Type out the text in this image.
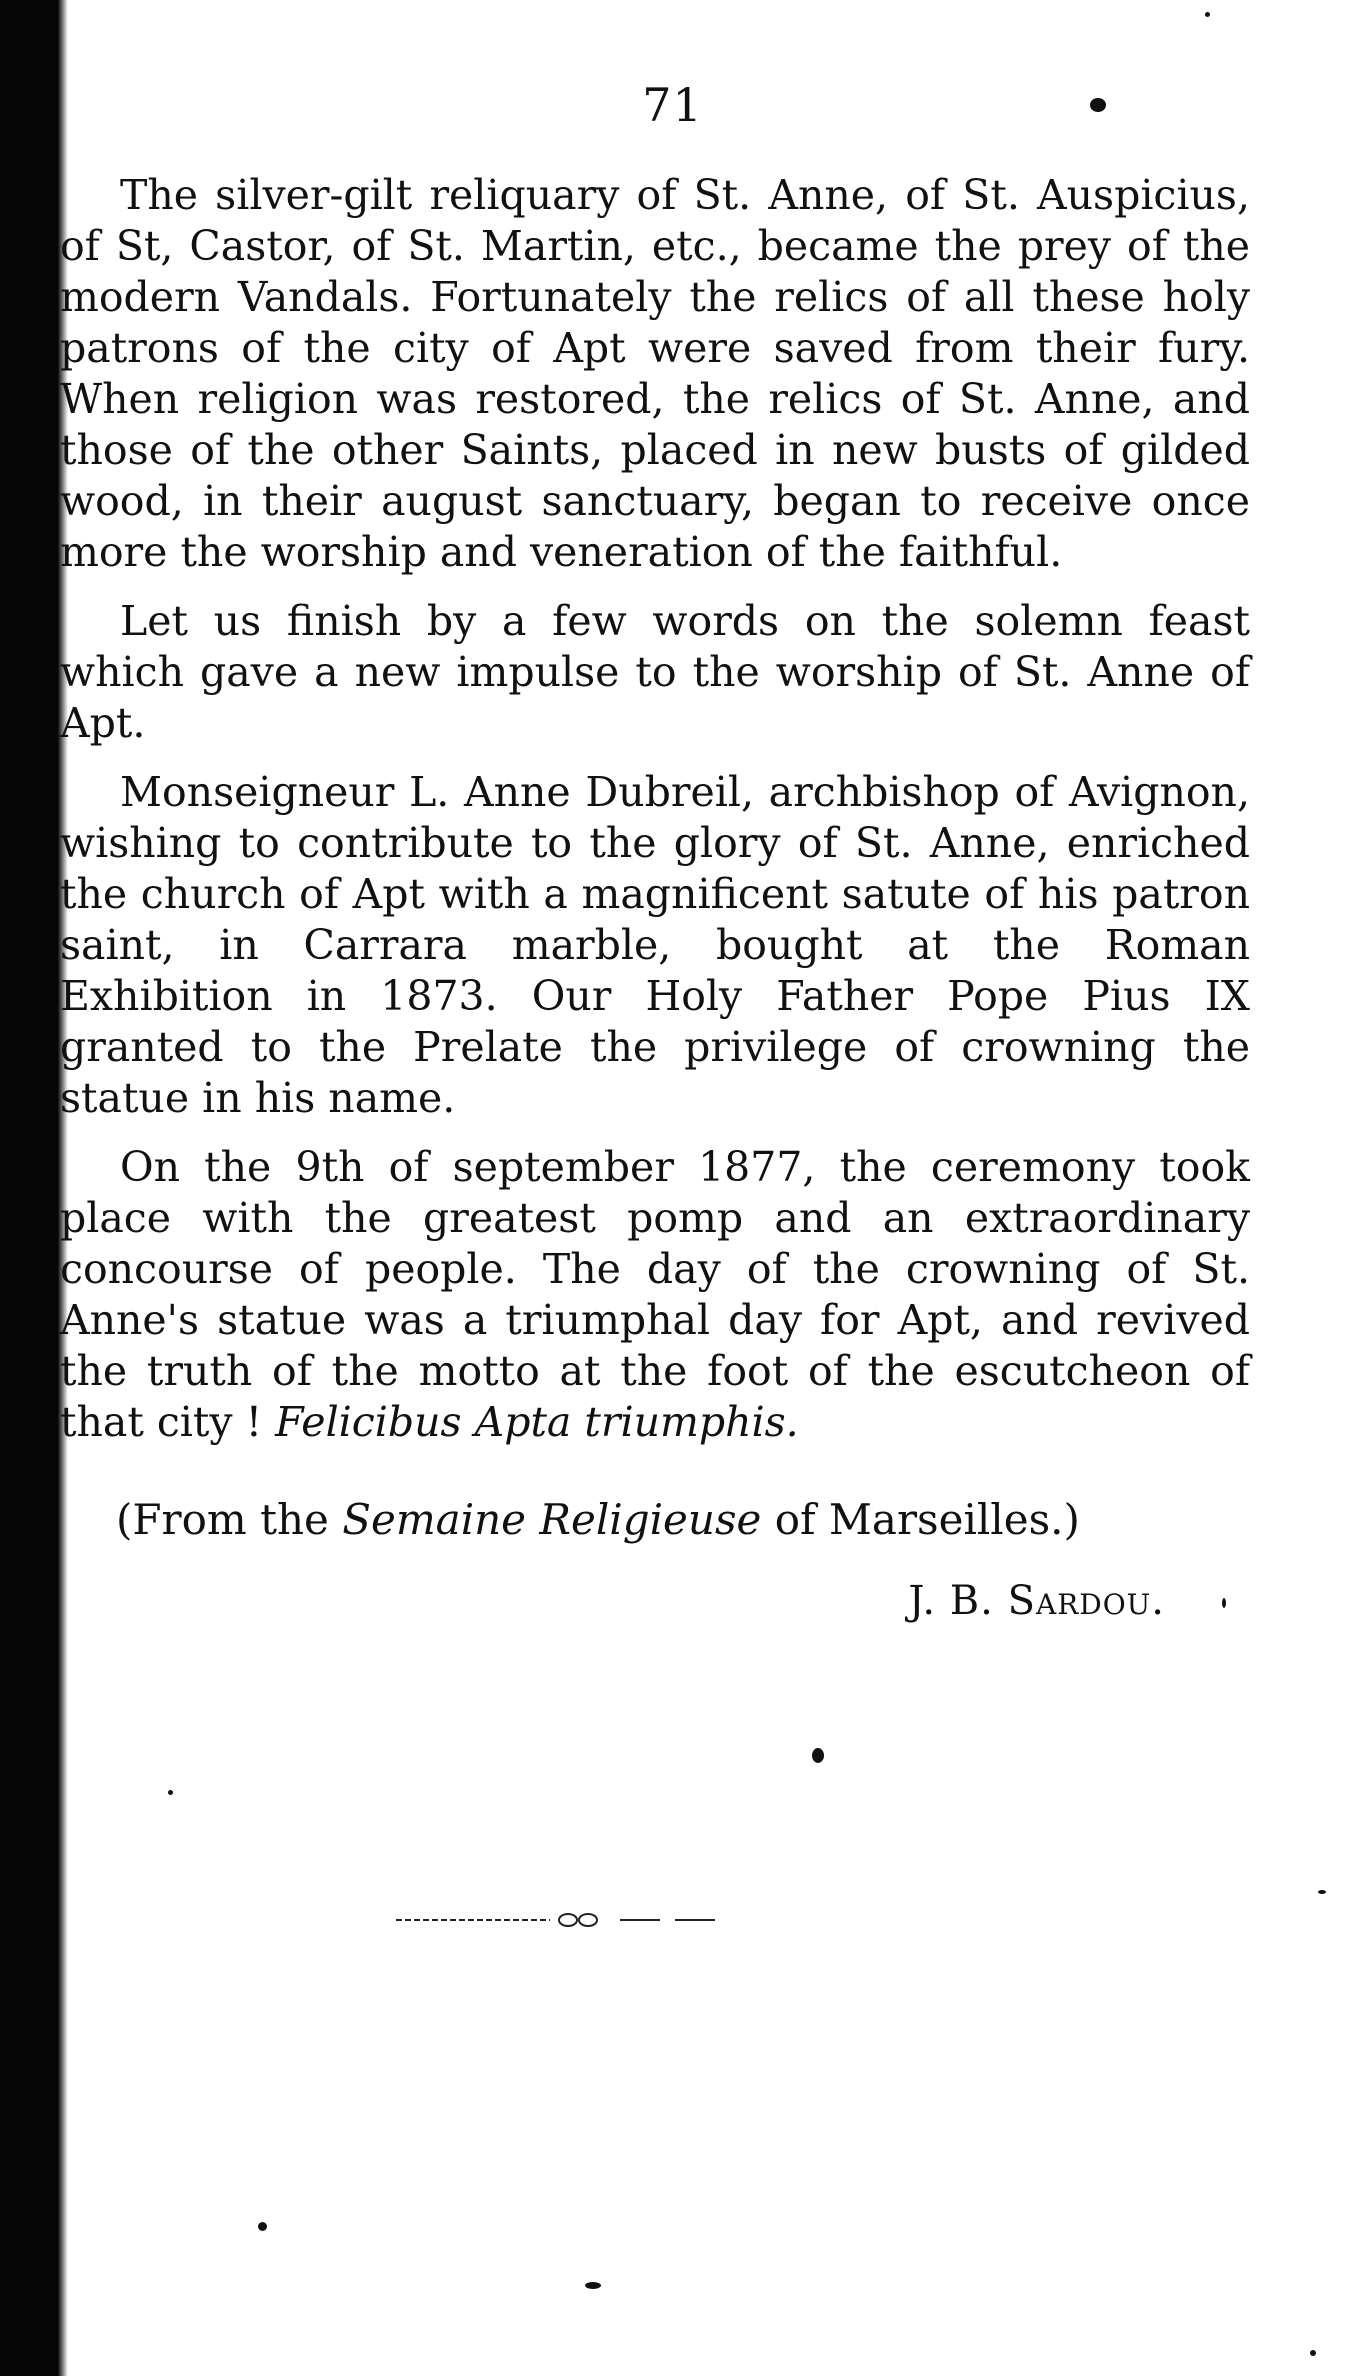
71

The silver-gilt reliquary of St. Anne, of St. Auspicius, of St, Castor, of St. Martin, etc., became the prey of the modern Vandals. Fortunately the relics of all these holy patrons of the city of Apt were saved from their fury. When religion was restored, the relics of St. Anne, and those of the other Saints, placed in new busts of gilded wood, in their august sanctuary, began to receive once more the worship and veneration of the faithful.

Let us finish by a few words on the solemn feast which gave a new impulse to the worship of St. Anne of Apt.

Monseigneur L. Anne Dubreil, archbishop of Avignon, wishing to contribute to the glory of St. Anne, enriched the church of Apt with a magnificent satute of his patron saint, in Carrara marble, bought at the Roman Exhibition in 1873. Our Holy Father Pope Pius IX granted to the Prelate the privilege of crowning the statue in his name.

On the 9th of september 1877, the ceremony took place with the greatest pomp and an extraordinary concourse of people. The day of the crowning of St. Anne's statue was a triumphal day for Apt, and revived the truth of the motto at the foot of the escutcheon of that city ! Felicibus Apta triumphis.

(From the Semaine Religieuse of Marseilles.)

J. B. Sardou.
